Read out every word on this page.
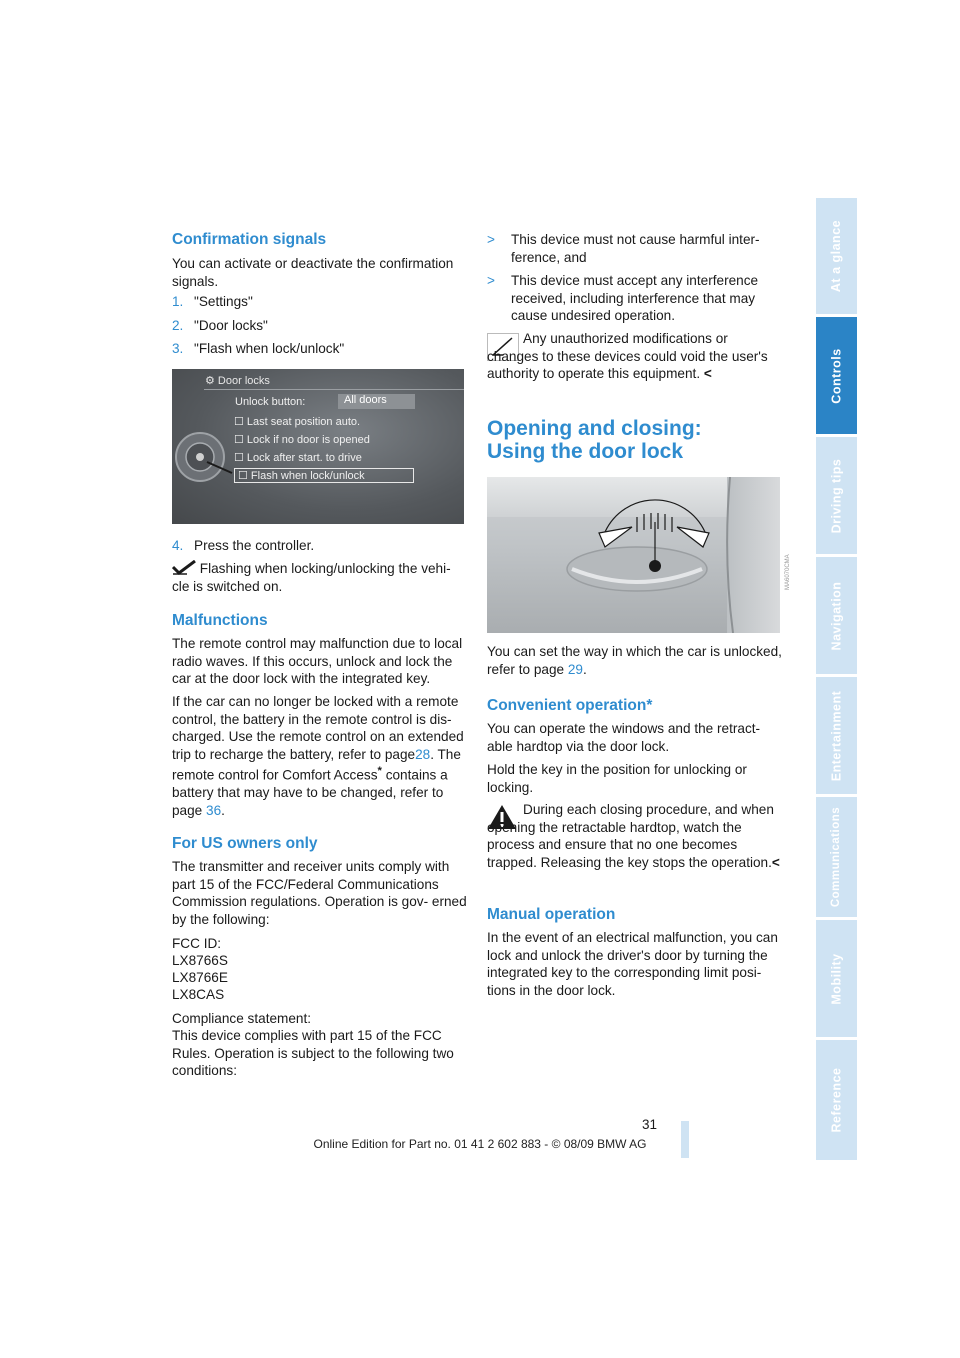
At a glance
Controls
Driving tips
Navigation
Entertainment
Communications
Mobility
Reference
Confirmation signals
You can activate or deactivate the confirmation signals.
1. "Settings"
2. "Door locks"
3. "Flash when lock/unlock"
⚙ Door locks
Unlock button:	All doors
☐ Last seat position auto.
☐ Lock if no door is opened
☐ Lock after start. to drive
☐ Flash when lock/unlock
4. Press the controller.
Flashing when locking/unlocking the vehi-
cle is switched on.
Malfunctions
The remote control may malfunction due to local radio waves. If this occurs, unlock and lock the car at the door lock with the integrated key.
If the car can no longer be locked with a remote control, the battery in the remote control is dis- charged. Use the remote control on an extended trip to recharge the battery, refer to page28. The remote control for Comfort Access* contains a battery that may have to be changed, refer to page 36.
For US owners only
The transmitter and receiver units comply with part 15 of the FCC/Federal Communications Commission regulations. Operation is gov- erned by the following:
FCC ID:
LX8766S
LX8766E
LX8CAS
Compliance statement:
This device complies with part 15 of the FCC Rules. Operation is subject to the following two conditions:
>	This device must not cause harmful inter- ference, and
>	This device must accept any interference received, including interference that may cause undesired operation.
Any unauthorized modifications or changes to these devices could void the user's authority to operate this equipment. <
Opening and closing:
Using the door lock
MA6070CMA
You can set the way in which the car is unlocked, refer to page 29.
Convenient operation*
You can operate the windows and the retract- able hardtop via the door lock.
Hold the key in the position for unlocking or locking.
During each closing procedure, and when opening the retractable hardtop, watch the process and ensure that no one becomes trapped. Releasing the key stops the operation.<
Manual operation
In the event of an electrical malfunction, you can lock and unlock the driver's door by turning the integrated key to the corresponding limit posi- tions in the door lock.
31
Online Edition for Part no. 01 41 2 602 883 - © 08/09 BMW AG
